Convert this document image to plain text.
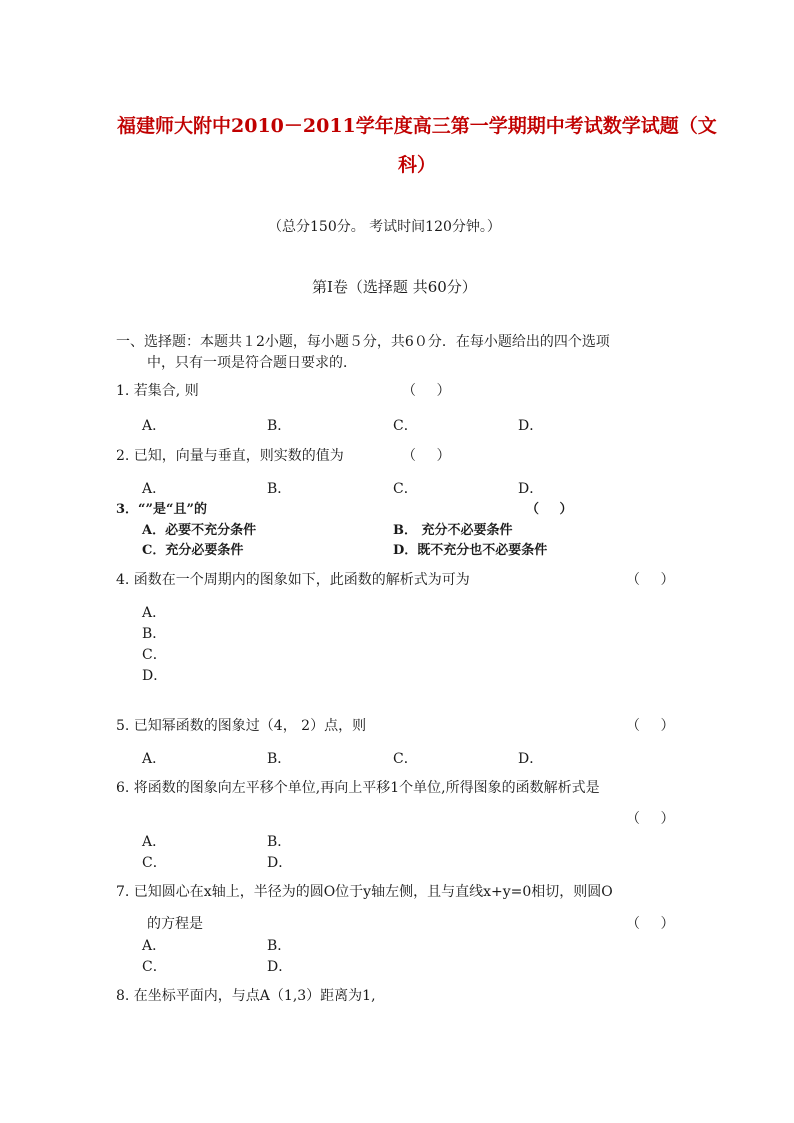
福建师大附中2010－2011学年度高三第一学期期中考试数学试题（文
科）
（总分150分。 考试时间120分钟。）
第Ⅰ卷（选择题 共60分）
一、选择题：本题共１2小题，每小题５分，共6０分．在每小题给出的四个选项
中，只有一项是符合题日要求的．
1. 若集合, 则	（ ）
A．	B．	C．	D．
2. 已知，向量与垂直，则实数的值为	（ ）
A．	B．	C．	D．
3．“”是“且”的	（ ）
A．必要不充分条件	B． 充分不必要条件
C．充分必要条件	D．既不充分也不必要条件
4. 函数在一个周期内的图象如下，此函数的解析式为可为	（ ）
A．
B．
C．
D．
5. 已知幂函数的图象过（4， 2）点，则	（ ）
A．	B．	C．	D．
6. 将函数的图象向左平移个单位,再向上平移1个单位,所得图象的函数解析式是
（ ）
A．	B．
C．	D．
7. 已知圆心在x轴上，半径为的圆O位于y轴左侧，且与直线x+y=0相切，则圆O
的方程是	（ ）
A．	B．
C．	D．
8. 在坐标平面内，与点A（1,3）距离为1,
